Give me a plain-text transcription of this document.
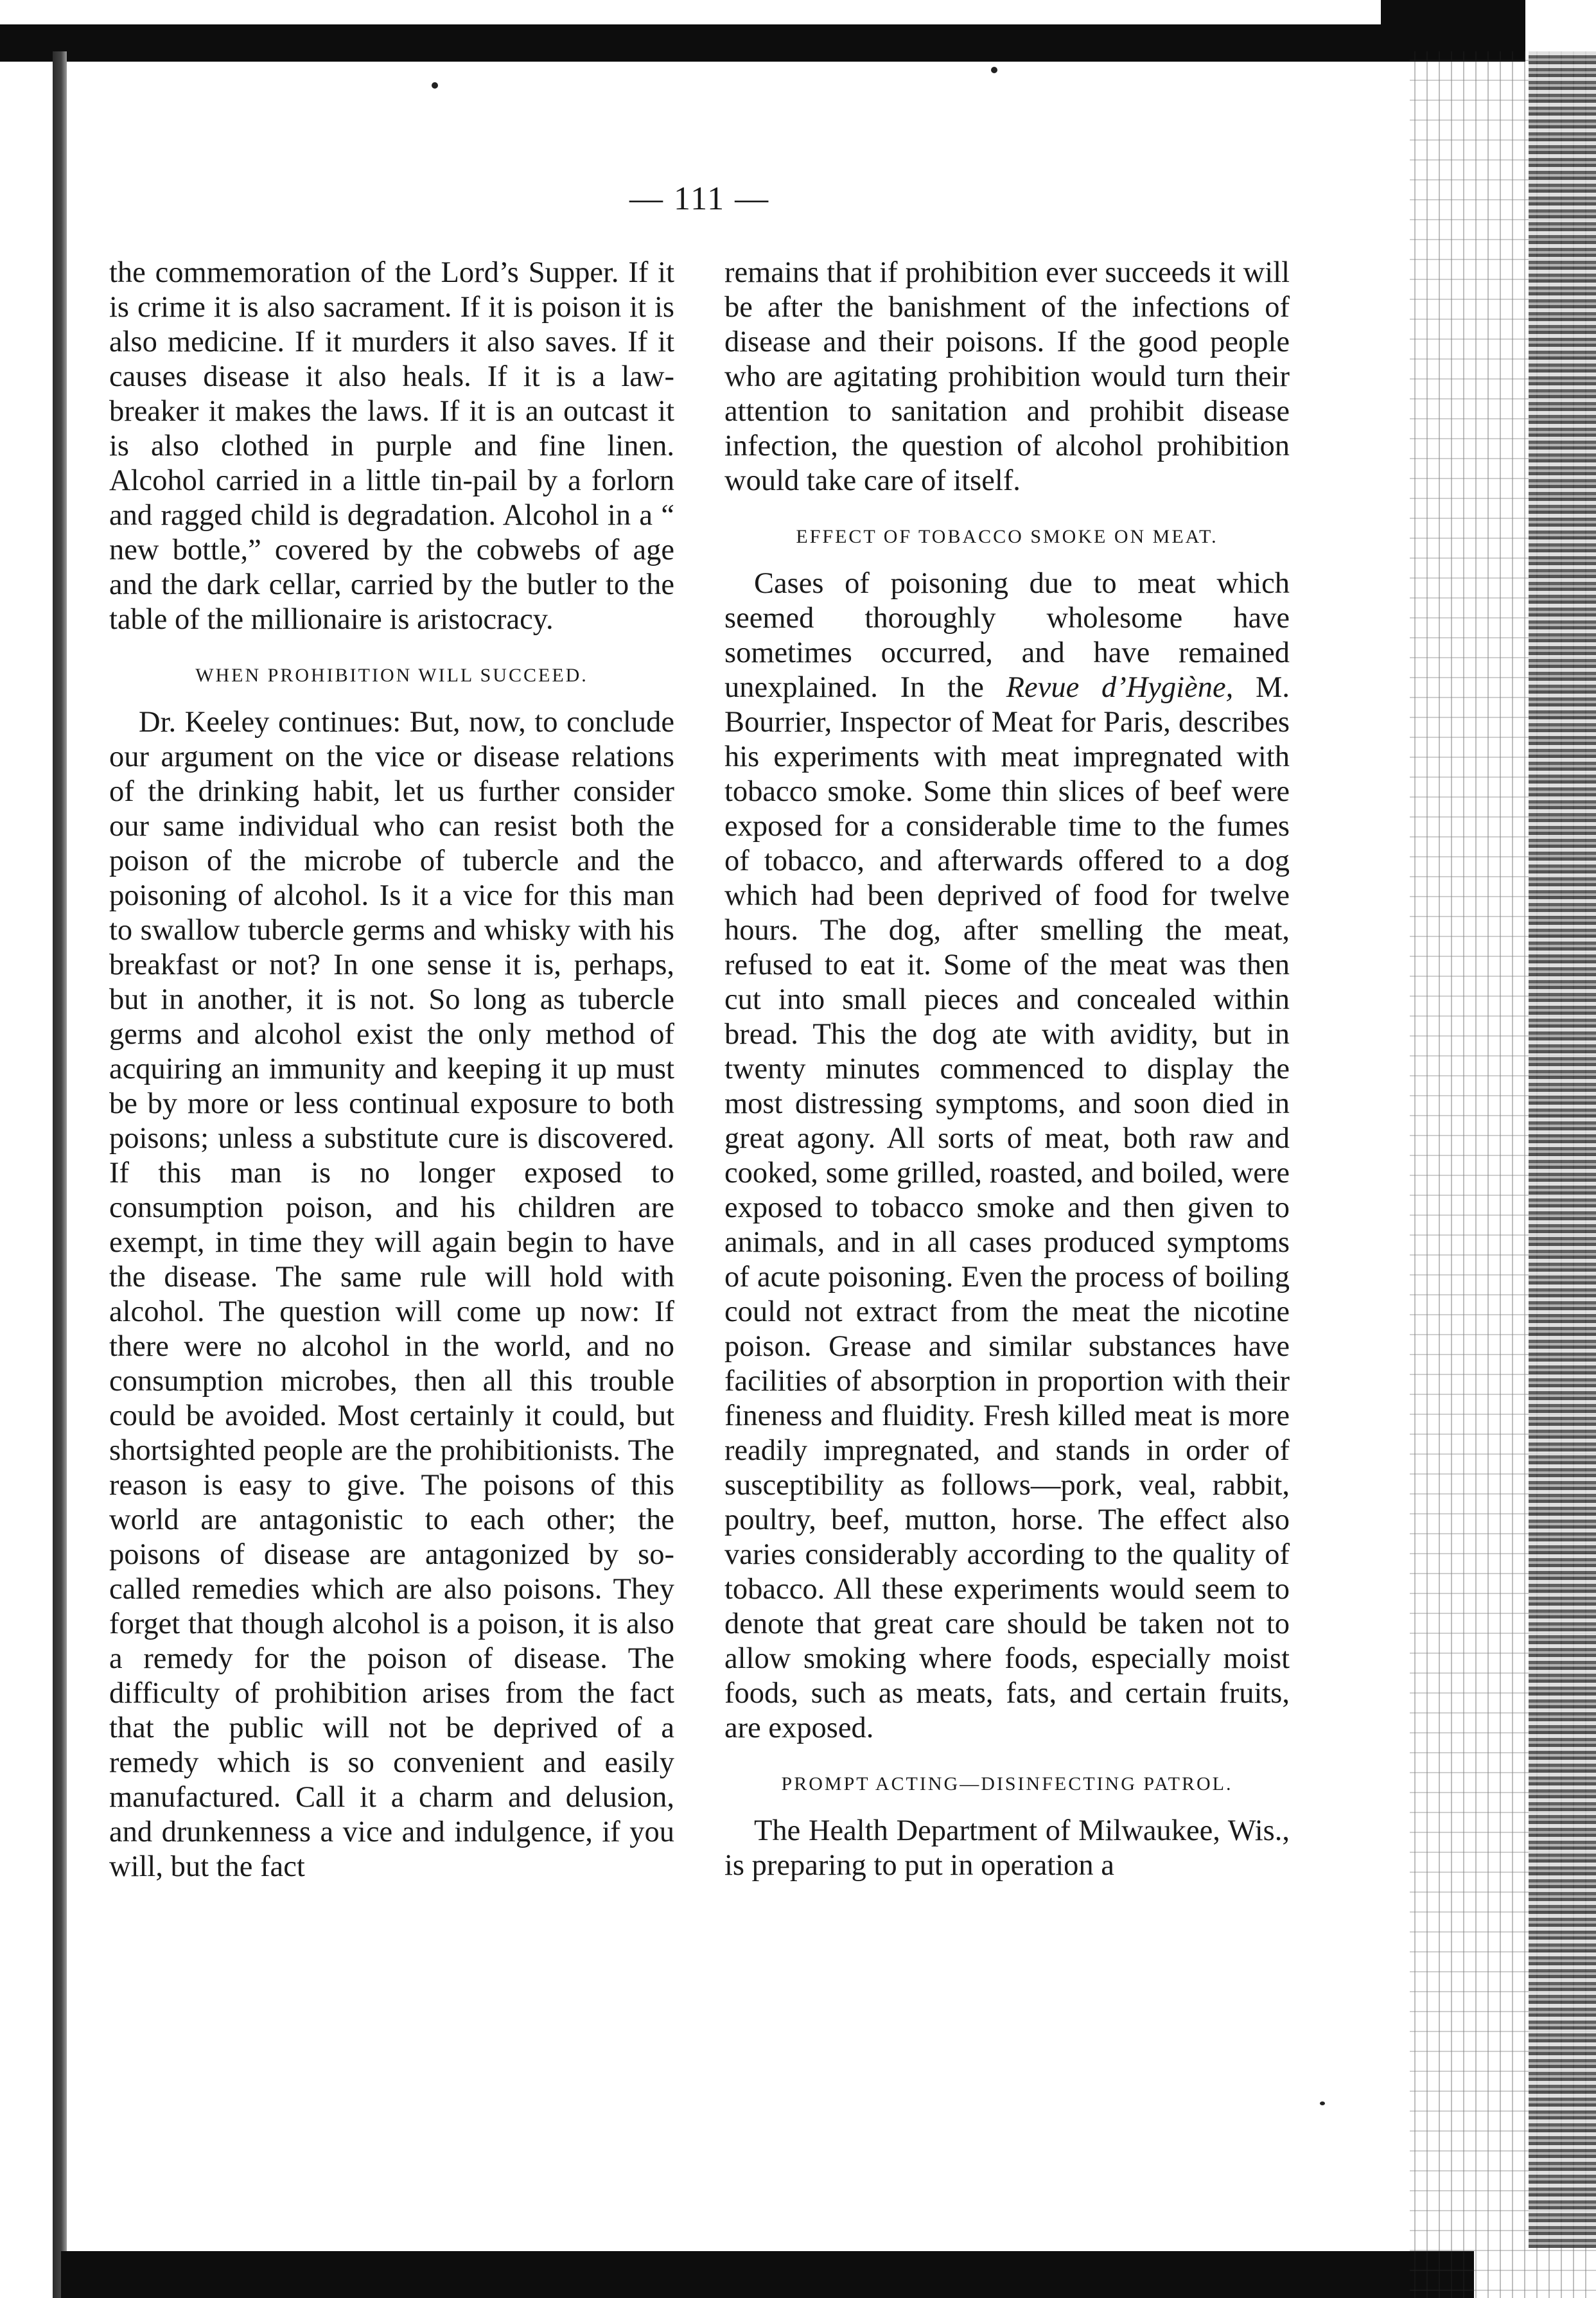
— 111 —

the commemoration of the Lord’s Supper. If it is crime it is also sacrament. If it is poison it is also medicine. If it murders it also saves. If it causes disease it also heals. If it is a law-breaker it makes the laws. If it is an outcast it is also clothed in purple and fine linen. Alcohol carried in a little tin-pail by a forlorn and ragged child is degradation. Alcohol in a “ new bottle,” covered by the cobwebs of age and the dark cellar, carried by the butler to the table of the millionaire is aristocracy.

WHEN PROHIBITION WILL SUCCEED.

Dr. Keeley continues: But, now, to conclude our argument on the vice or disease relations of the drinking habit, let us further consider our same individual who can resist both the poison of the microbe of tubercle and the poisoning of alcohol. Is it a vice for this man to swallow tubercle germs and whisky with his breakfast or not? In one sense it is, perhaps, but in another, it is not. So long as tubercle germs and alcohol exist the only method of acquiring an immunity and keeping it up must be by more or less continual exposure to both poisons; unless a substitute cure is discovered. If this man is no longer exposed to consumption poison, and his children are exempt, in time they will again begin to have the disease. The same rule will hold with alcohol. The question will come up now: If there were no alcohol in the world, and no consumption microbes, then all this trouble could be avoided. Most certainly it could, but shortsighted people are the prohibitionists. The reason is easy to give. The poisons of this world are antagonistic to each other; the poisons of disease are antagonized by so-called remedies which are also poisons. They forget that though alcohol is a poison, it is also a remedy for the poison of disease. The difficulty of prohibition arises from the fact that the public will not be deprived of a remedy which is so convenient and easily manufactured. Call it a charm and delusion, and drunkenness a vice and indulgence, if you will, but the fact

remains that if prohibition ever succeeds it will be after the banishment of the infections of disease and their poisons. If the good people who are agitating prohibition would turn their attention to sanitation and prohibit disease infection, the question of alcohol prohibition would take care of itself.

EFFECT OF TOBACCO SMOKE ON MEAT.

Cases of poisoning due to meat which seemed thoroughly wholesome have sometimes occurred, and have remained unexplained. In the Revue d’Hygiène, M. Bourrier, Inspector of Meat for Paris, describes his experiments with meat impregnated with tobacco smoke. Some thin slices of beef were exposed for a considerable time to the fumes of tobacco, and afterwards offered to a dog which had been deprived of food for twelve hours. The dog, after smelling the meat, refused to eat it. Some of the meat was then cut into small pieces and concealed within bread. This the dog ate with avidity, but in twenty minutes commenced to display the most distressing symptoms, and soon died in great agony. All sorts of meat, both raw and cooked, some grilled, roasted, and boiled, were exposed to tobacco smoke and then given to animals, and in all cases produced symptoms of acute poisoning. Even the process of boiling could not extract from the meat the nicotine poison. Grease and similar substances have facilities of absorption in proportion with their fineness and fluidity. Fresh killed meat is more readily impregnated, and stands in order of susceptibility as follows—pork, veal, rabbit, poultry, beef, mutton, horse. The effect also varies considerably according to the quality of tobacco. All these experiments would seem to denote that great care should be taken not to allow smoking where foods, especially moist foods, such as meats, fats, and certain fruits, are exposed.

PROMPT ACTING—DISINFECTING PATROL.

The Health Department of Milwaukee, Wis., is preparing to put in operation a
